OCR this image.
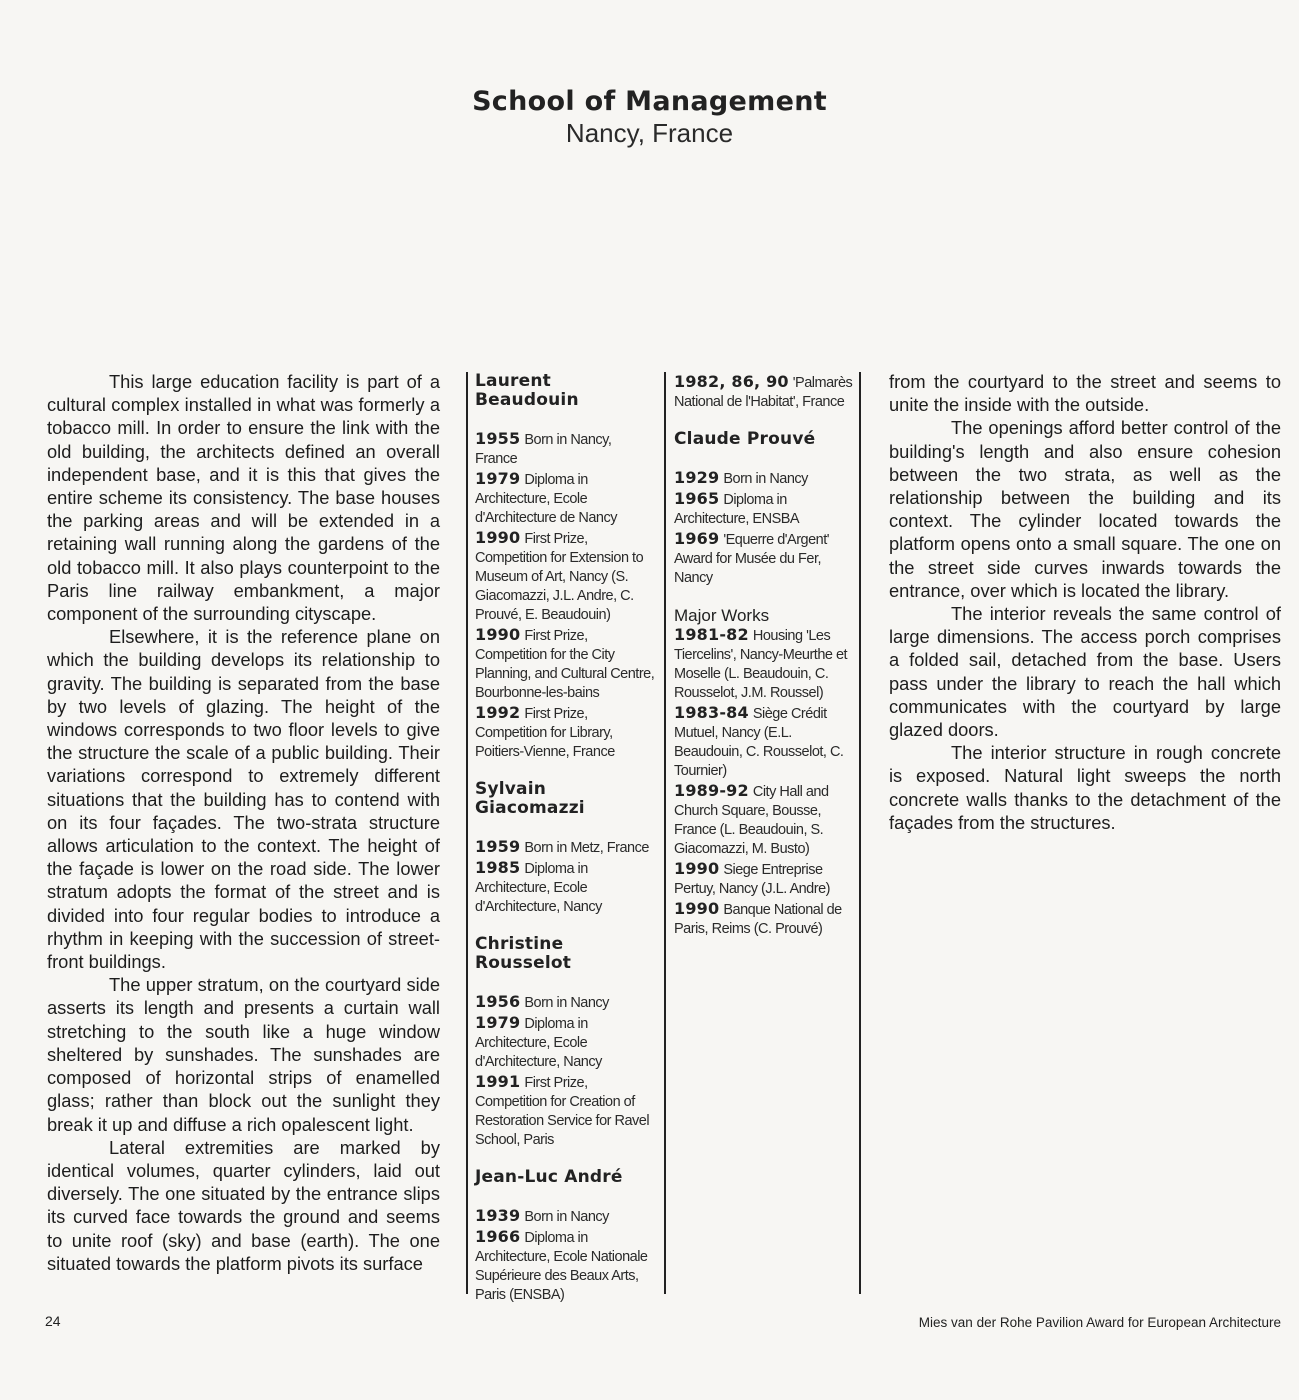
School of Management
Nancy, France

This large education facility is part of a cultural complex installed in what was formerly a tobacco mill. In order to ensure the link with the old building, the architects defined an overall independent base, and it is this that gives the entire scheme its consistency. The base houses the parking areas and will be extended in a retaining wall running along the gardens of the old tobacco mill. It also plays counterpoint to the Paris line railway embankment, a major component of the surrounding cityscape.

Elsewhere, it is the reference plane on which the building develops its relationship to gravity. The building is separated from the base by two levels of glazing. The height of the windows corresponds to two floor levels to give the structure the scale of a public building. Their variations correspond to extremely different situations that the building has to contend with on its four façades. The two-strata structure allows articulation to the context. The height of the façade is lower on the road side. The lower stratum adopts the format of the street and is divided into four regular bodies to introduce a rhythm in keeping with the succession of street-front buildings.

The upper stratum, on the courtyard side asserts its length and presents a curtain wall stretching to the south like a huge window sheltered by sunshades. The sunshades are composed of horizontal strips of enamelled glass; rather than block out the sunlight they break it up and diffuse a rich opalescent light.

Lateral extremities are marked by identical volumes, quarter cylinders, laid out diversely. The one situated by the entrance slips its curved face towards the ground and seems to unite roof (sky) and base (earth). The one situated towards the platform pivots its surface

Laurent
Beaudouin
1955 Born in Nancy, France
1979 Diploma in Architecture, Ecole d'Architecture de Nancy
1990 First Prize, Competition for Extension to Museum of Art, Nancy (S. Giacomazzi, J.L. Andre, C. Prouvé, E. Beaudouin)
1990 First Prize, Competition for the City Planning, and Cultural Centre, Bourbonne-les-bains
1992 First Prize, Competition for Library, Poitiers-Vienne, France
Sylvain
Giacomazzi
1959 Born in Metz, France
1985 Diploma in Architecture, Ecole d'Architecture, Nancy
Christine
Rousselot
1956 Born in Nancy
1979 Diploma in Architecture, Ecole d'Architecture, Nancy
1991 First Prize, Competition for Creation of Restoration Service for Ravel School, Paris
Jean-Luc André
1939 Born in Nancy
1966 Diploma in Architecture, Ecole Nationale Supérieure des Beaux Arts, Paris (ENSBA)
1982, 86, 90 'Palmarès National de l'Habitat', France
Claude Prouvé
1929 Born in Nancy
1965 Diploma in Architecture, ENSBA
1969 'Equerre d'Argent' Award for Musée du Fer, Nancy
Major Works
1981-82 Housing 'Les Tiercelins', Nancy-Meurthe et Moselle (L. Beaudouin, C. Rousselot, J.M. Roussel)
1983-84 Siège Crédit Mutuel, Nancy (E.L. Beaudouin, C. Rousselot, C. Tournier)
1989-92 City Hall and Church Square, Bousse, France (L. Beaudouin, S. Giacomazzi, M. Busto)
1990 Siege Entreprise Pertuy, Nancy (J.L. Andre)
1990 Banque National de Paris, Reims (C. Prouvé)

from the courtyard to the street and seems to unite the inside with the outside.

The openings afford better control of the building's length and also ensure cohesion between the two strata, as well as the relationship between the building and its context. The cylinder located towards the platform opens onto a small square. The one on the street side curves inwards towards the entrance, over which is located the library.

The interior reveals the same control of large dimensions. The access porch comprises a folded sail, detached from the base. Users pass under the library to reach the hall which communicates with the courtyard by large glazed doors.

The interior structure in rough concrete is exposed. Natural light sweeps the north concrete walls thanks to the detachment of the façades from the structures.

24	Mies van der Rohe Pavilion Award for European Architecture
